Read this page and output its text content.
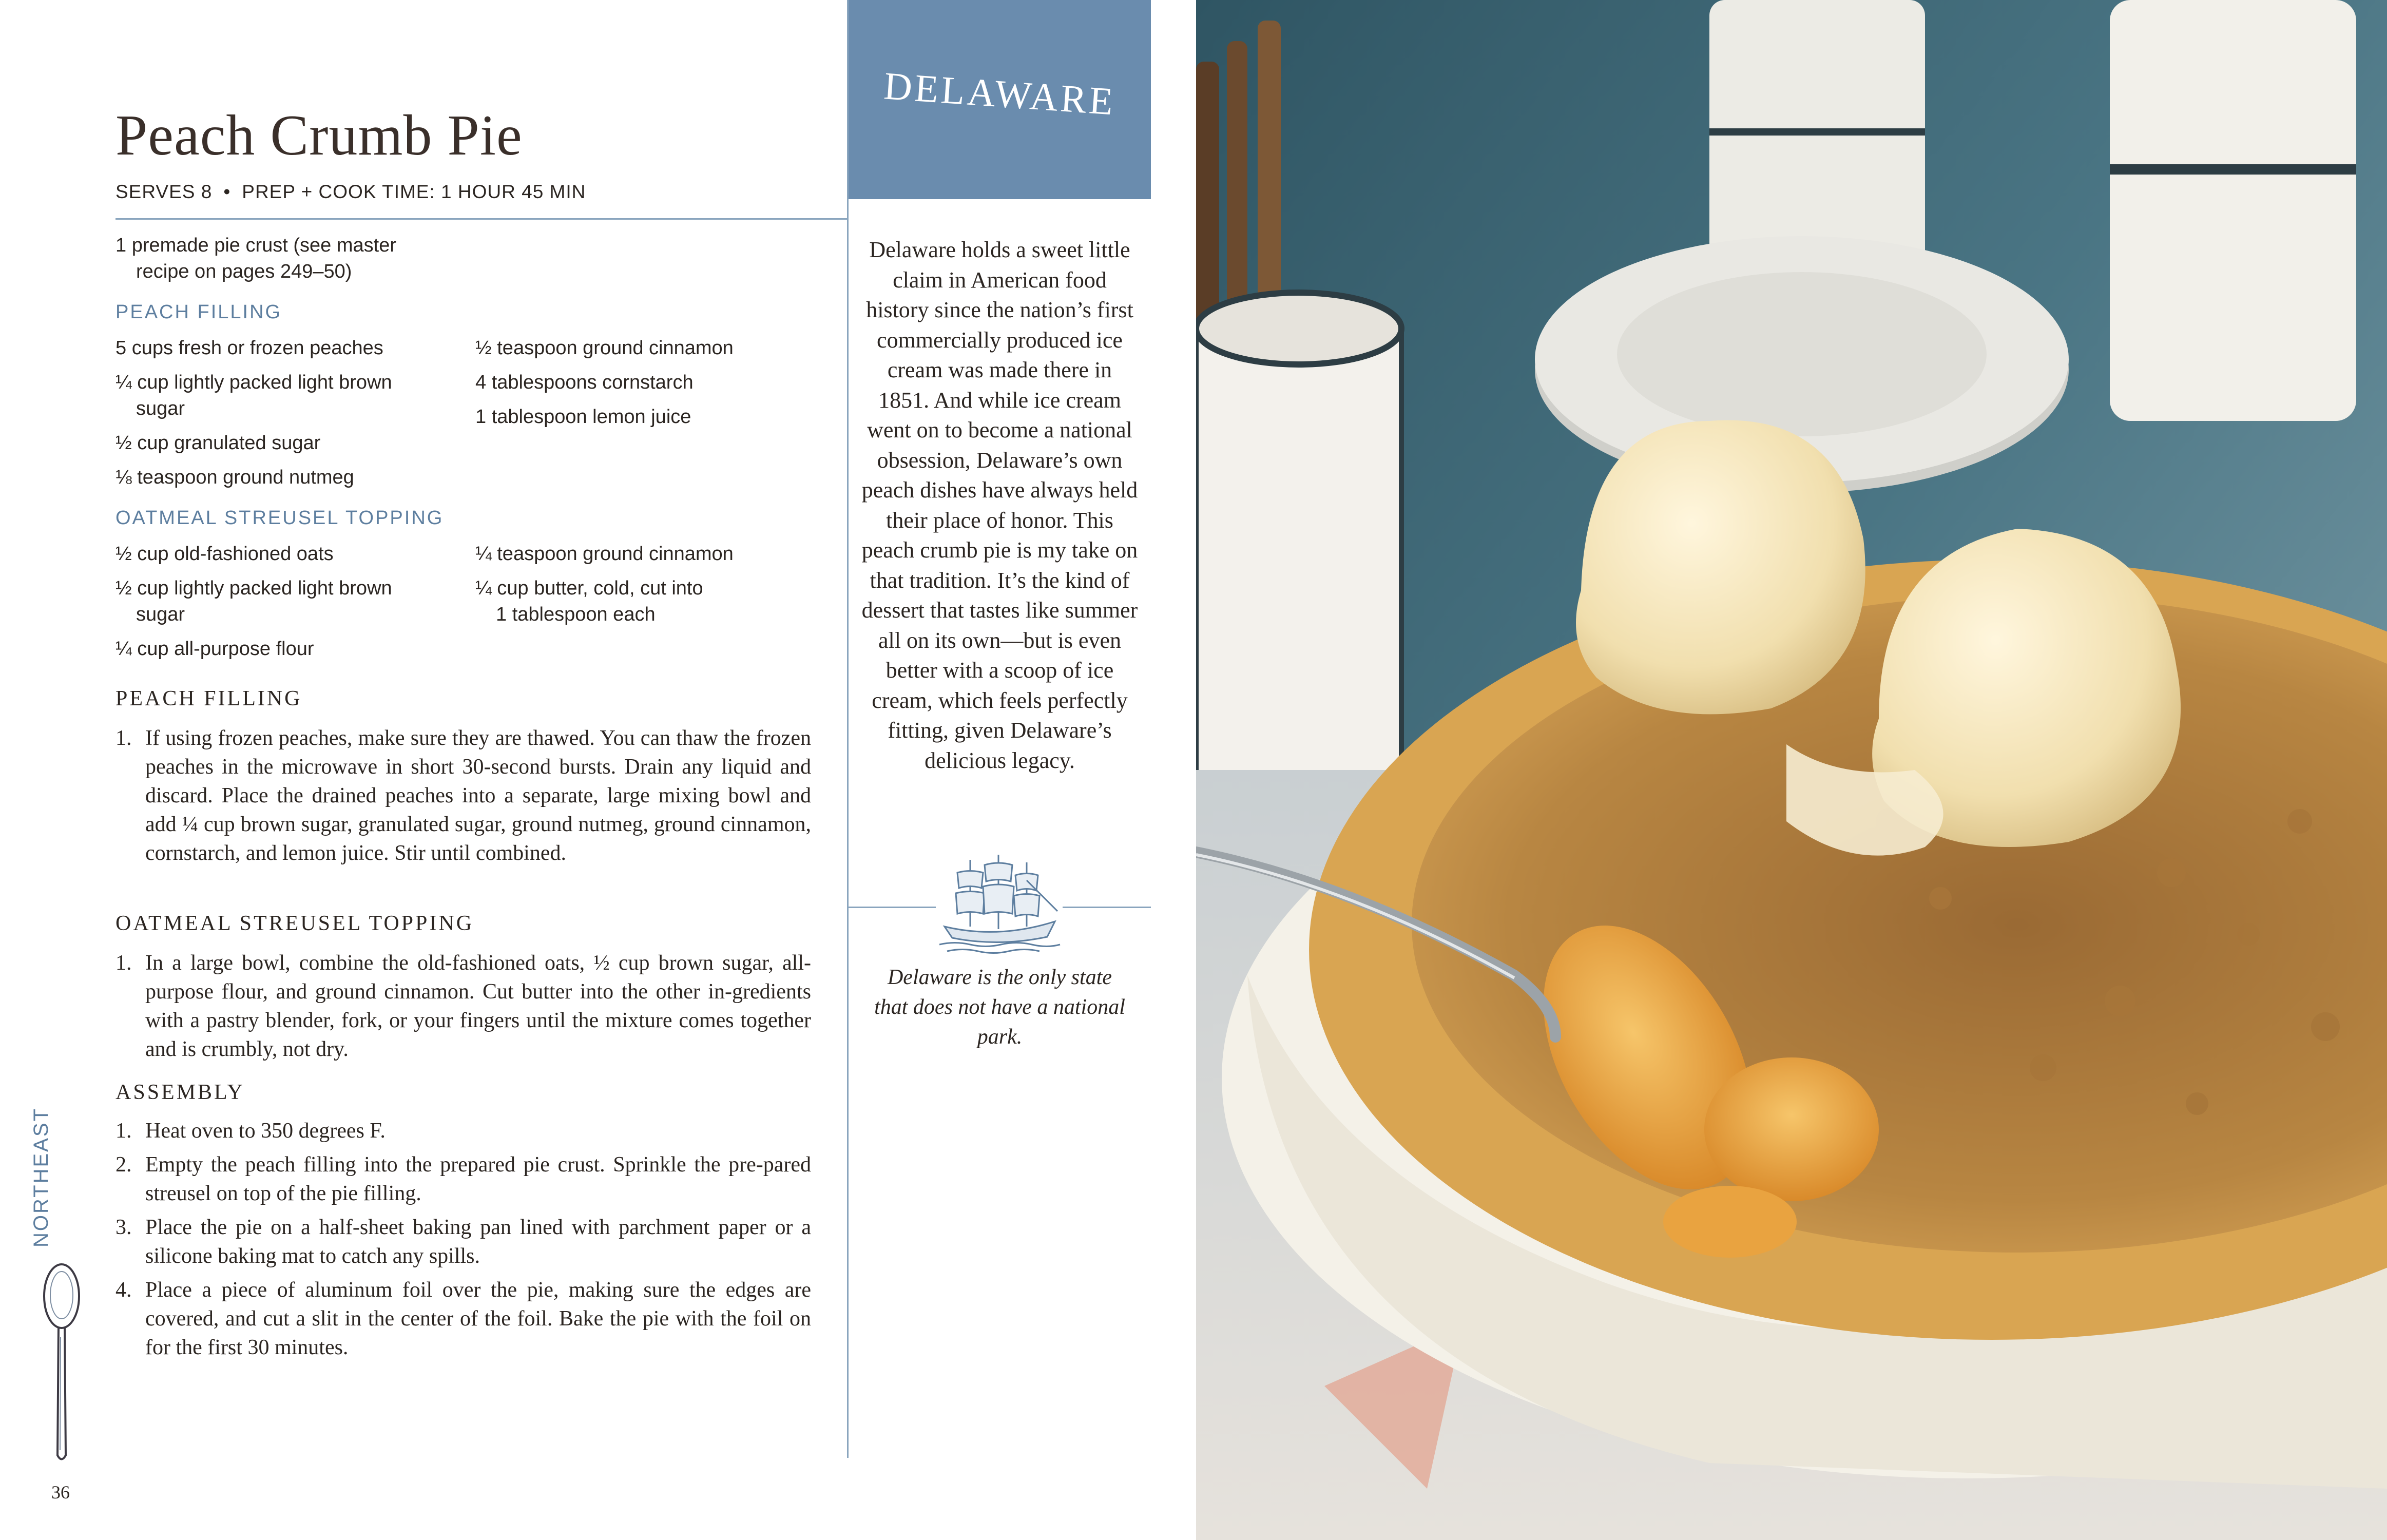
Peach Crumb Pie
SERVES 8 • PREP + COOK TIME: 1 HOUR 45 MIN
1 premade pie crust (see master
recipe on pages 249–50)
PEACH FILLING
5 cups fresh or frozen peaches
¼ cup lightly packed light brown
sugar
½ cup granulated sugar
⅛ teaspoon ground nutmeg
½ teaspoon ground cinnamon
4 tablespoons cornstarch
1 tablespoon lemon juice
OATMEAL STREUSEL TOPPING
½ cup old-fashioned oats
½ cup lightly packed light brown
sugar
¼ cup all-purpose flour
¼ teaspoon ground cinnamon
¼ cup butter, cold, cut into
1 tablespoon each
PEACH FILLING
1. If using frozen peaches, make sure they are thawed. You can thaw the frozen peaches in the microwave in short 30-second bursts. Drain any liquid and discard. Place the drained peaches into a separate, large mixing bowl and add ¼ cup brown sugar, granulated sugar, ground nutmeg, ground cinnamon, cornstarch, and lemon juice. Stir until combined.
OATMEAL STREUSEL TOPPING
1. In a large bowl, combine the old-fashioned oats, ½ cup brown sugar, all-purpose flour, and ground cinnamon. Cut butter into the other in-gredients with a pastry blender, fork, or your fingers until the mixture comes together and is crumbly, not dry.
ASSEMBLY
1. Heat oven to 350 degrees F.
2. Empty the peach filling into the prepared pie crust. Sprinkle the pre-pared streusel on top of the pie filling.
3. Place the pie on a half-sheet baking pan lined with parchment paper or a silicone baking mat to catch any spills.
4. Place a piece of aluminum foil over the pie, making sure the edges are covered, and cut a slit in the center of the foil. Bake the pie with the foil on for the first 30 minutes.
NORTHEAST
36
DELAWARE
Delaware holds a sweet little claim in American food history since the nation’s first commercially produced ice cream was made there in 1851. And while ice cream went on to become a national obsession, Delaware’s own peach dishes have always held their place of honor. This peach crumb pie is my take on that tradition. It’s the kind of dessert that tastes like summer all on its own—but is even better with a scoop of ice cream, which feels perfectly fitting, given Delaware’s delicious legacy.
Delaware is the only state that does not have a national park.
